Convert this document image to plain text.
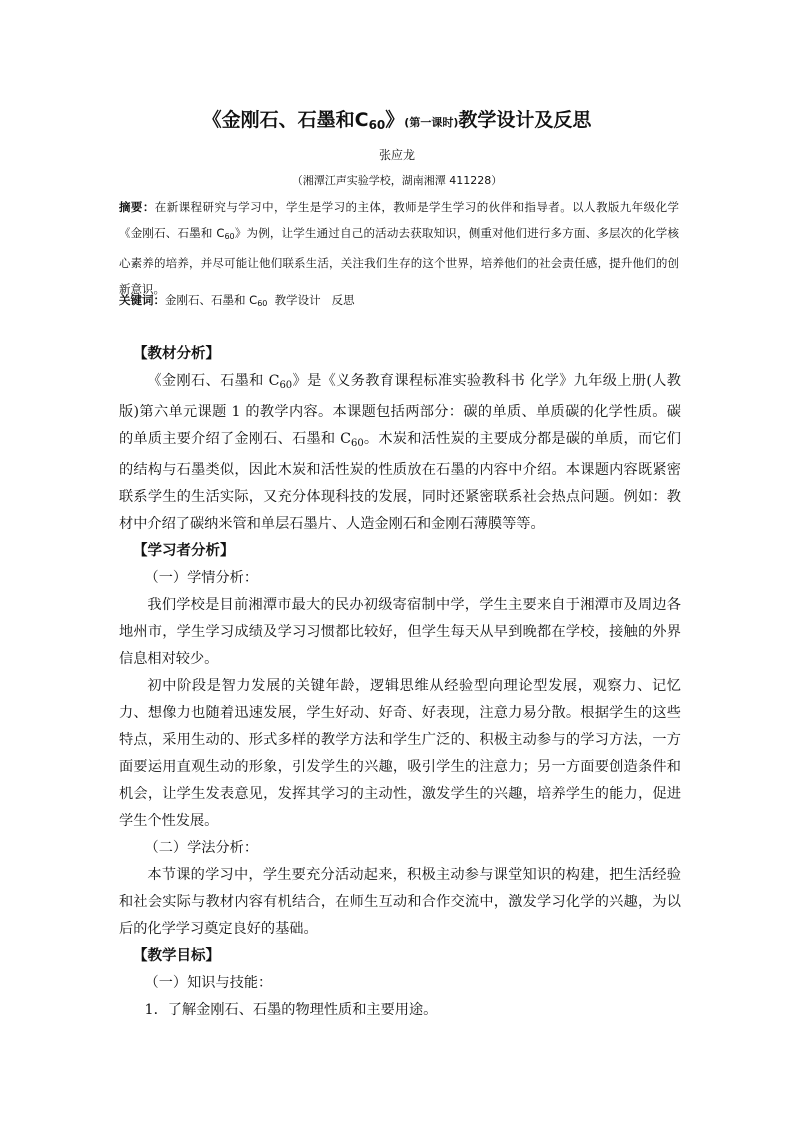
《金刚石、石墨和C60》(第一课时)教学设计及反思
张应龙
（湘潭江声实验学校，湖南湘潭 411228）
摘要：在新课程研究与学习中，学生是学习的主体，教师是学生学习的伙伴和指导者。以人教版九年级化学《金刚石、石墨和 C60》为例，让学生通过自己的活动去获取知识，侧重对他们进行多方面、多层次的化学核心素养的培养，并尽可能让他们联系生活，关注我们生存的这个世界，培养他们的社会责任感，提升他们的创新意识。
关键词：金刚石、石墨和 C60  教学设计   反思

【教材分析】

《金刚石、石墨和 $C_{60}$》是《义务教育课程标准实验教科书 化学》九年级上册(人教版)第六单元课题 1 的教学内容。本课题包括两部分：碳的单质、单质碳的化学性质。碳的单质主要介绍了金刚石、石墨和 $C_{60}$。木炭和活性炭的主要成分都是碳的单质，而它们的结构与石墨类似，因此木炭和活性炭的性质放在石墨的内容中介绍。本课题内容既紧密联系学生的生活实际，又充分体现科技的发展，同时还紧密联系社会热点问题。例如：教材中介绍了碳纳米管和单层石墨片、人造金刚石和金刚石薄膜等等。

【学习者分析】

（一）学情分析：

我们学校是目前湘潭市最大的民办初级寄宿制中学，学生主要来自于湘潭市及周边各地州市，学生学习成绩及学习习惯都比较好，但学生每天从早到晚都在学校，接触的外界信息相对较少。

初中阶段是智力发展的关键年龄，逻辑思维从经验型向理论型发展，观察力、记忆力、想像力也随着迅速发展，学生好动、好奇、好表现，注意力易分散。根据学生的这些特点，采用生动的、形式多样的教学方法和学生广泛的、积极主动参与的学习方法，一方面要运用直观生动的形象，引发学生的兴趣，吸引学生的注意力；另一方面要创造条件和机会，让学生发表意见，发挥其学习的主动性，激发学生的兴趣，培养学生的能力，促进学生个性发展。

（二）学法分析：

本节课的学习中，学生要充分活动起来，积极主动参与课堂知识的构建，把生活经验和社会实际与教材内容有机结合，在师生互动和合作交流中，激发学习化学的兴趣，为以后的化学学习奠定良好的基础。

【教学目标】

（一）知识与技能：

1．了解金刚石、石墨的物理性质和主要用途。
